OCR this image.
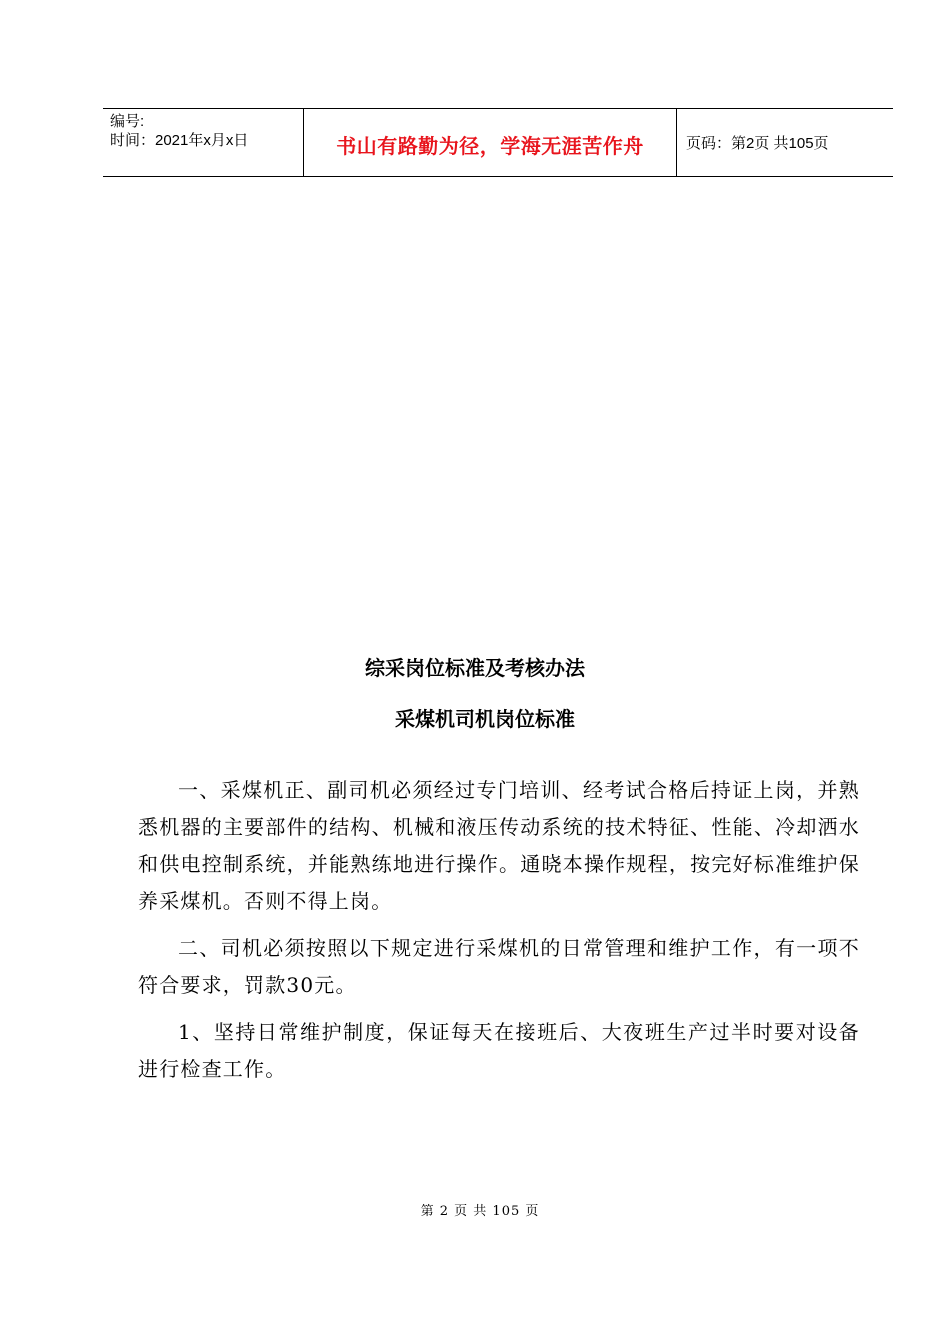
编号:
时间：2021年x月x日	书山有路勤为径，学海无涯苦作舟	页码：第2页 共105页
综采岗位标准及考核办法
采煤机司机岗位标准

一、采煤机正、副司机必须经过专门培训、经考试合格后持证上岗，并熟悉机器的主要部件的结构、机械和液压传动系统的技术特征、性能、冷却洒水和供电控制系统，并能熟练地进行操作。通晓本操作规程，按完好标准维护保养采煤机。否则不得上岗。

二、司机必须按照以下规定进行采煤机的日常管理和维护工作，有一项不符合要求，罚款30元。

1、坚持日常维护制度，保证每天在接班后、大夜班生产过半时要对设备进行检查工作。

第 2 页 共 105 页
